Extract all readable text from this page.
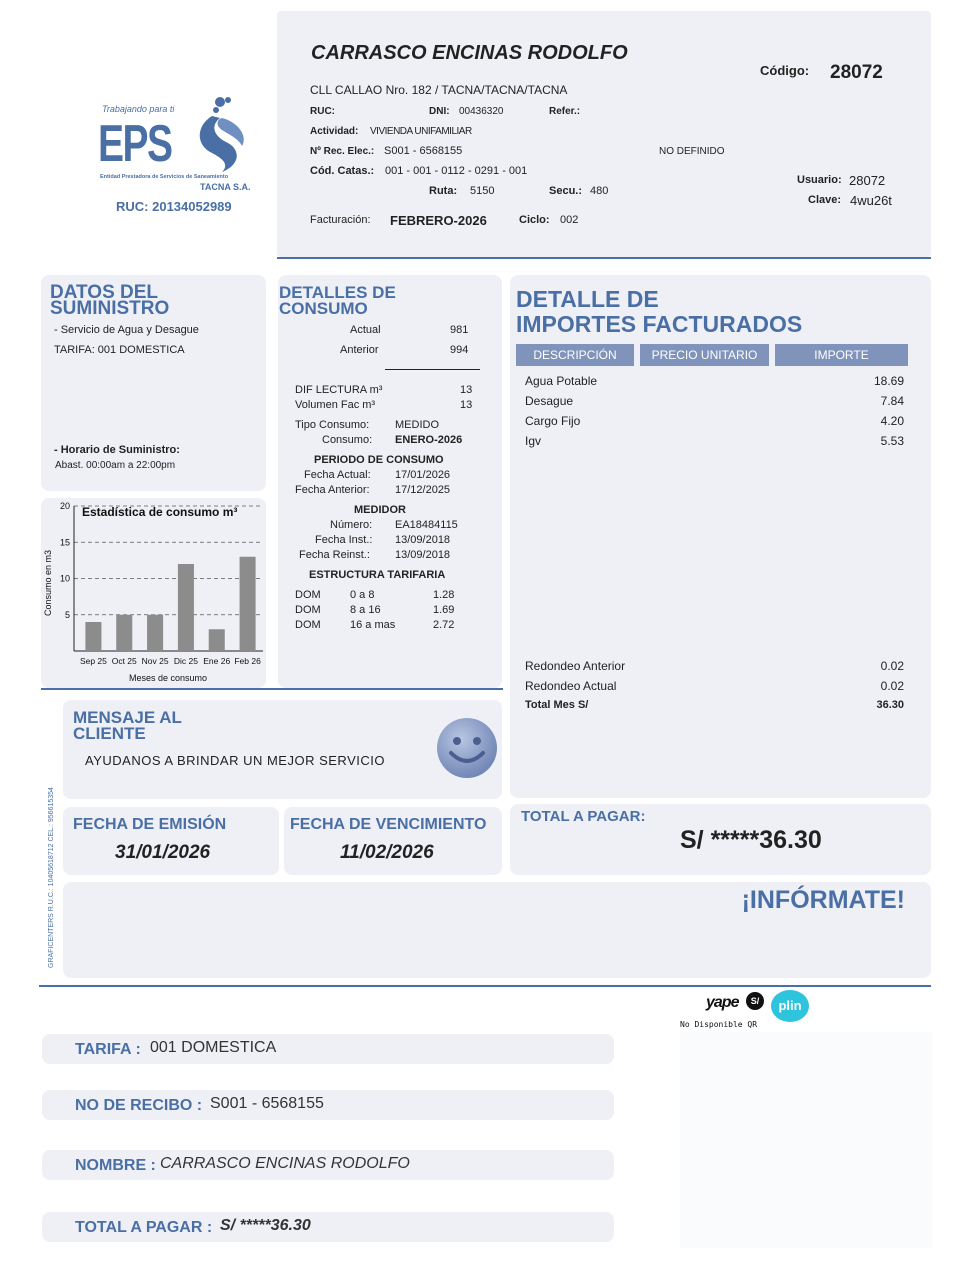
Trabajando para ti
EPS
Entidad Prestadora de Servicios de Saneamiento
TACNA S.A.
RUC: 20134052989
GRAFICENTERS R.U.C.: 10405618712 CEL.: 956615354
CARRASCO ENCINAS RODOLFO
CLL CALLAO Nro. 182 / TACNA/TACNA/TACNA
RUC:	DNI: 00436320	Refer.:
Actividad: VIVIENDA UNIFAMILIAR
Nº Rec. Elec.: S001 - 6568155	NO DEFINIDO
Cód. Catas.: 001 - 001 - 0112 - 0291 - 001
Ruta: 5150	Secu.: 480
Facturación: FEBRERO-2026	Ciclo: 002
Código: 28072
Usuario: 28072
Clave: 4wu26t
DATOS DEL
SUMINISTRO
- Servicio de Agua y Desague
TARIFA: 001 DOMESTICA
- Horario de Suministro:
Abast. 00:00am a 22:00pm
Estadística de consumo m³
Consumo en m3
Meses de consumo
5
10
15
20
Sep 25 Oct 25 Nov 25 Dic 25 Ene 26 Feb 26
DETALLES DE
CONSUMO
Actual	981
Anterior	994
DIF LECTURA m³	13
Volumen Fac m³	13
Tipo Consumo: MEDIDO
Consumo: ENERO-2026
PERIODO DE CONSUMO
Fecha Actual: 17/01/2026
Fecha Anterior: 17/12/2025
MEDIDOR
Número: EA18484115
Fecha Inst.: 13/09/2018
Fecha Reinst.: 13/09/2018
ESTRUCTURA TARIFARIA
DOM	0 a 8	1.28
DOM	8 a 16	1.69
DOM	16 a mas	2.72
DETALLE DE
IMPORTES FACTURADOS
DESCRIPCIÓN	PRECIO UNITARIO	IMPORTE
Agua Potable	18.69
Desague	7.84
Cargo Fijo	4.20
Igv	5.53
Redondeo Anterior	0.02
Redondeo Actual	0.02
Total Mes S/	36.30
MENSAJE AL
CLIENTE
AYUDANOS A BRINDAR UN MEJOR SERVICIO
FECHA DE EMISIÓN
31/01/2026
FECHA DE VENCIMIENTO
11/02/2026
TOTAL A PAGAR:
S/ *****36.30
¡INFÓRMATE!
yape	S/	plin
No Disponible QR
TARIFA : 001 DOMESTICA
NO DE RECIBO : S001 - 6568155
NOMBRE : CARRASCO ENCINAS RODOLFO
TOTAL A PAGAR : S/ *****36.30
